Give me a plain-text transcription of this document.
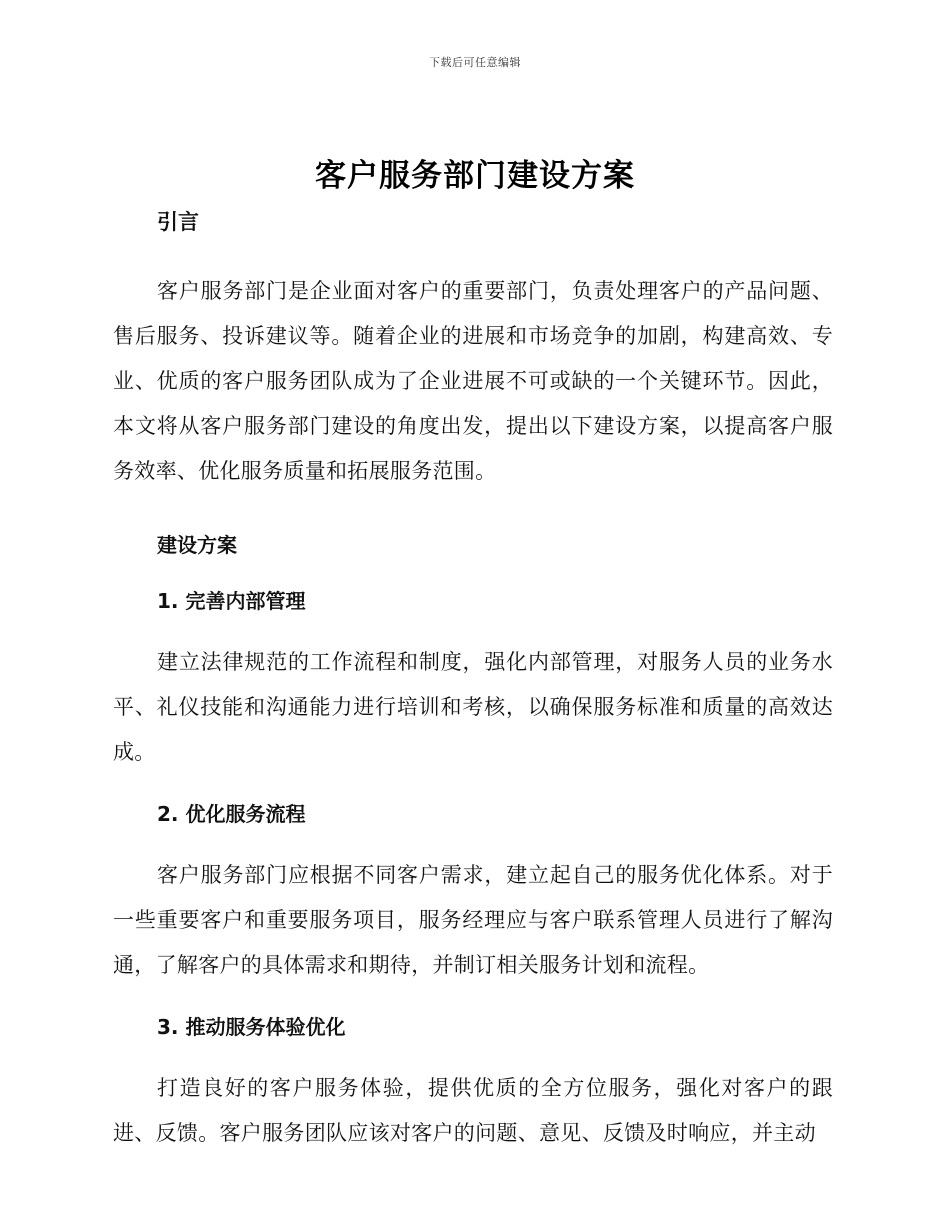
下载后可任意编辑
客户服务部门建设方案
引言

客户服务部门是企业面对客户的重要部门，负责处理客户的产品问题、售后服务、投诉建议等。随着企业的进展和市场竞争的加剧，构建高效、专业、优质的客户服务团队成为了企业进展不可或缺的一个关键环节。因此，本文将从客户服务部门建设的角度出发，提出以下建设方案，以提高客户服务效率、优化服务质量和拓展服务范围。

建设方案
1. 完善内部管理

建立法律规范的工作流程和制度，强化内部管理，对服务人员的业务水平、礼仪技能和沟通能力进行培训和考核，以确保服务标准和质量的高效达成。

2. 优化服务流程

客户服务部门应根据不同客户需求，建立起自己的服务优化体系。对于一些重要客户和重要服务项目，服务经理应与客户联系管理人员进行了解沟通，了解客户的具体需求和期待，并制订相关服务计划和流程。

3. 推动服务体验优化

打造良好的客户服务体验，提供优质的全方位服务，强化对客户的跟进、反馈。客户服务团队应该对客户的问题、意见、反馈及时响应，并主动
